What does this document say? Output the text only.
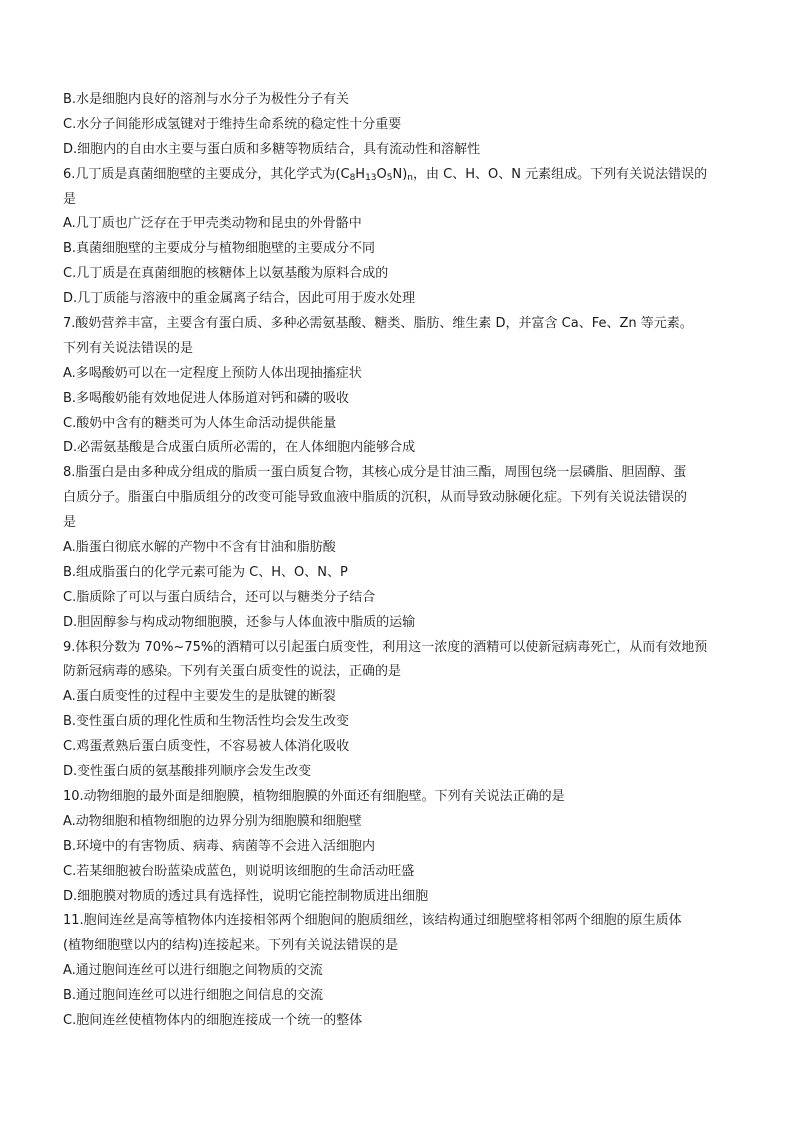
B.水是细胞内良好的溶剂与水分子为极性分子有关
C.水分子间能形成氢键对于维持生命系统的稳定性十分重要
D.细胞内的自由水主要与蛋白质和多糖等物质结合，具有流动性和溶解性
6.几丁质是真菌细胞壁的主要成分，其化学式为$(C_8H_{13}O_5N)_n$，由 C、H、O、N 元素组成。下列有关说法错误的
是
A.几丁质也广泛存在于甲壳类动物和昆虫的外骨骼中
B.真菌细胞壁的主要成分与植物细胞壁的主要成分不同
C.几丁质是在真菌细胞的核糖体上以氨基酸为原料合成的
D.几丁质能与溶液中的重金属离子结合，因此可用于废水处理
7.酸奶营养丰富，主要含有蛋白质、多种必需氨基酸、糖类、脂肪、维生素 D，并富含 Ca、Fe、Zn 等元素。
下列有关说法错误的是
A.多喝酸奶可以在一定程度上预防人体出现抽搐症状
B.多喝酸奶能有效地促进人体肠道对钙和磷的吸收
C.酸奶中含有的糖类可为人体生命活动提供能量
D.必需氨基酸是合成蛋白质所必需的，在人体细胞内能够合成
8.脂蛋白是由多种成分组成的脂质一蛋白质复合物，其核心成分是甘油三酯，周围包绕一层磷脂、胆固醇、蛋
白质分子。脂蛋白中脂质组分的改变可能导致血液中脂质的沉积，从而导致动脉硬化症。下列有关说法错误的
是
A.脂蛋白彻底水解的产物中不含有甘油和脂肪酸
B.组成脂蛋白的化学元素可能为 C、H、O、N、P
C.脂质除了可以与蛋白质结合，还可以与糖类分子结合
D.胆固醇参与构成动物细胞膜，还参与人体血液中脂质的运输
9.体积分数为 70%~75%的酒精可以引起蛋白质变性，利用这一浓度的酒精可以使新冠病毒死亡，从而有效地预
防新冠病毒的感染。下列有关蛋白质变性的说法，正确的是
A.蛋白质变性的过程中主要发生的是肽键的断裂
B.变性蛋白质的理化性质和生物活性均会发生改变
C.鸡蛋煮熟后蛋白质变性，不容易被人体消化吸收
D.变性蛋白质的氨基酸排列顺序会发生改变
10.动物细胞的最外面是细胞膜，植物细胞膜的外面还有细胞壁。下列有关说法正确的是
A.动物细胞和植物细胞的边界分别为细胞膜和细胞壁
B.环境中的有害物质、病毒、病菌等不会进入活细胞内
C.若某细胞被台盼蓝染成蓝色，则说明该细胞的生命活动旺盛
D.细胞膜对物质的透过具有选择性，说明它能控制物质进出细胞
11.胞间连丝是高等植物体内连接相邻两个细胞间的胞质细丝，该结构通过细胞壁将相邻两个细胞的原生质体
(植物细胞壁以内的结构)连接起来。下列有关说法错误的是
A.通过胞间连丝可以进行细胞之间物质的交流
B.通过胞间连丝可以进行细胞之间信息的交流
C.胞间连丝使植物体内的细胞连接成一个统一的整体
